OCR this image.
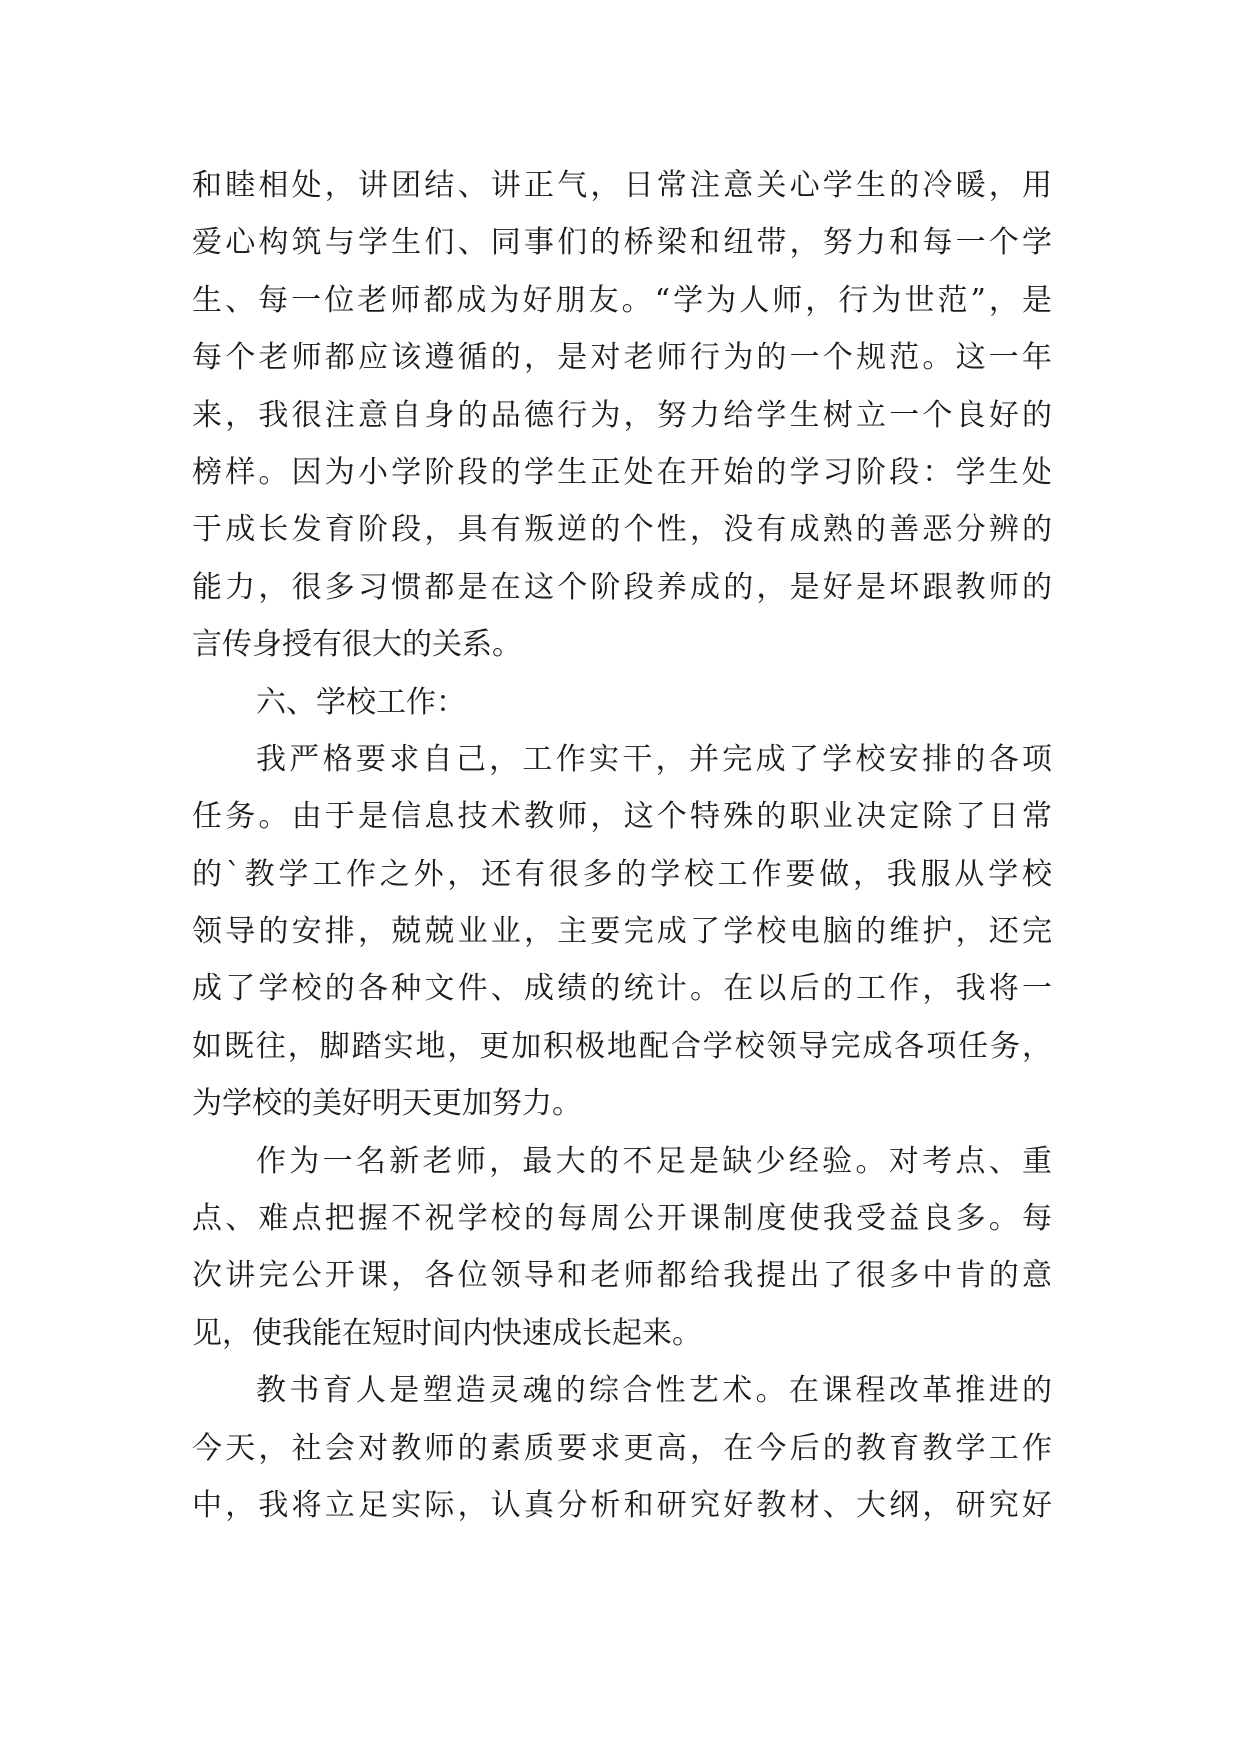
和睦相处，讲团结、讲正气，日常注意关心学生的冷暖，用
爱心构筑与学生们、同事们的桥梁和纽带，努力和每一个学
生、每一位老师都成为好朋友。“学为人师，行为世范”，是
每个老师都应该遵循的，是对老师行为的一个规范。这一年
来，我很注意自身的品德行为，努力给学生树立一个良好的
榜样。因为小学阶段的学生正处在开始的学习阶段：学生处
于成长发育阶段，具有叛逆的个性，没有成熟的善恶分辨的
能力，很多习惯都是在这个阶段养成的，是好是坏跟教师的
言传身授有很大的关系。
六、学校工作：
我严格要求自己，工作实干，并完成了学校安排的各项
任务。由于是信息技术教师，这个特殊的职业决定除了日常
的`教学工作之外，还有很多的学校工作要做，我服从学校
领导的安排，兢兢业业，主要完成了学校电脑的维护，还完
成了学校的各种文件、成绩的统计。在以后的工作，我将一
如既往，脚踏实地，更加积极地配合学校领导完成各项任务，
为学校的美好明天更加努力。
作为一名新老师，最大的不足是缺少经验。对考点、重
点、难点把握不祝学校的每周公开课制度使我受益良多。每
次讲完公开课，各位领导和老师都给我提出了很多中肯的意
见，使我能在短时间内快速成长起来。
教书育人是塑造灵魂的综合性艺术。在课程改革推进的
今天，社会对教师的素质要求更高，在今后的教育教学工作
中，我将立足实际，认真分析和研究好教材、大纲，研究好
